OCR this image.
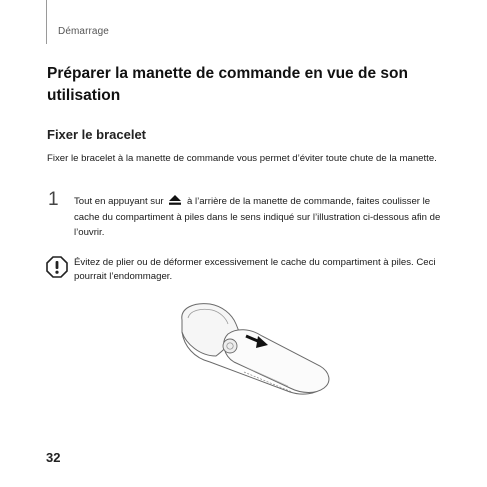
Démarrage
Préparer la manette de commande en vue de son utilisation
Fixer le bracelet

Fixer le bracelet à la manette de commande vous permet d’éviter toute chute de la manette.

1 Tout en appuyant sur à l’arrière de la manette de commande, faites coulisser le cache du compartiment à piles dans le sens indiqué sur l’illustration ci-dessous afin de l’ouvrir.

Évitez de plier ou de déformer excessivement le cache du compartiment à piles. Ceci pourrait l’endommager.

32
